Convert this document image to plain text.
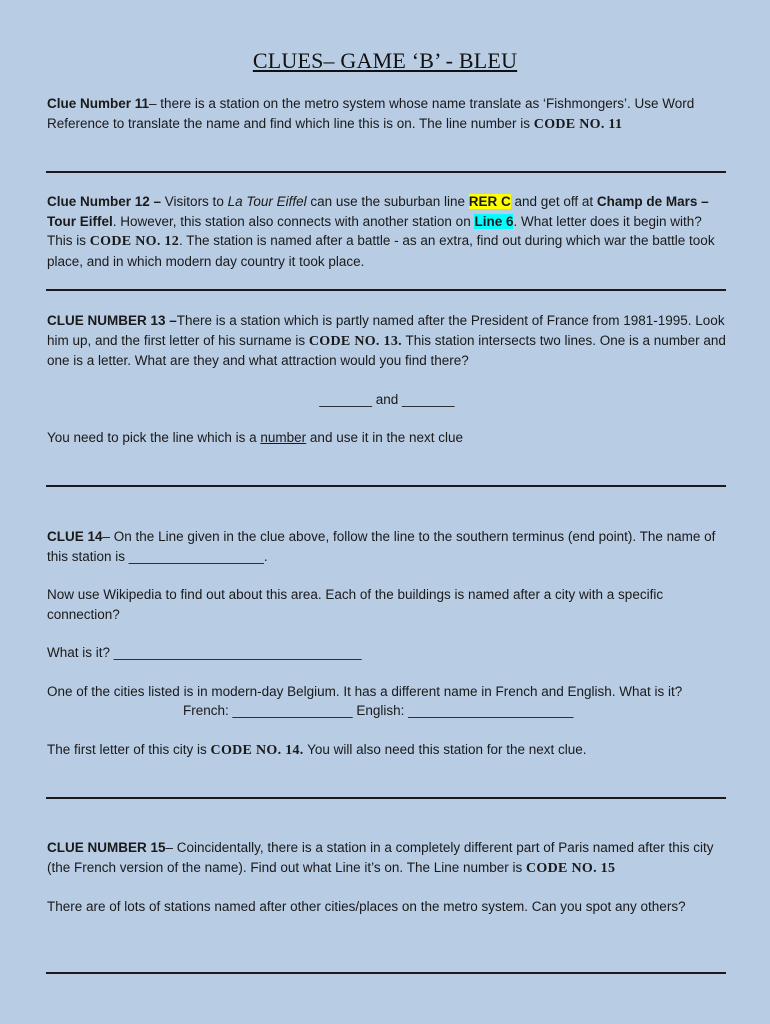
CLUES– GAME ‘B’ - BLEU

Clue Number 11– there is a station on the metro system whose name translate as ‘Fishmongers’. Use Word Reference to translate the name and find which line this is on. The line number is CODE NO. 11

Clue Number 12 – Visitors to La Tour Eiffel can use the suburban line RER C and get off at Champ de Mars – Tour Eiffel. However, this station also connects with another station on Line 6. What letter does it begin with? This is CODE NO. 12. The station is named after a battle - as an extra, find out during which war the battle took place, and in which modern day country it took place.

CLUE NUMBER 13 –There is a station which is partly named after the President of France from 1981-1995. Look him up, and the first letter of his surname is CODE NO. 13. This station intersects two lines. One is a number and one is a letter. What are they and what attraction would you find there?

_______ and _______

You need to pick the line which is a number and use it in the next clue

CLUE 14– On the Line given in the clue above, follow the line to the southern terminus (end point). The name of this station is __________________.

Now use Wikipedia to find out about this area. Each of the buildings is named after a city with a specific connection?

What is it? _________________________________

One of the cities listed is in modern-day Belgium. It has a different name in French and English. What is it?

French: ________________ English: ______________________

The first letter of this city is CODE NO. 14. You will also need this station for the next clue.

CLUE NUMBER 15– Coincidentally, there is a station in a completely different part of Paris named after this city (the French version of the name). Find out what Line it’s on. The Line number is CODE NO. 15

There are of lots of stations named after other cities/places on the metro system. Can you spot any others?
